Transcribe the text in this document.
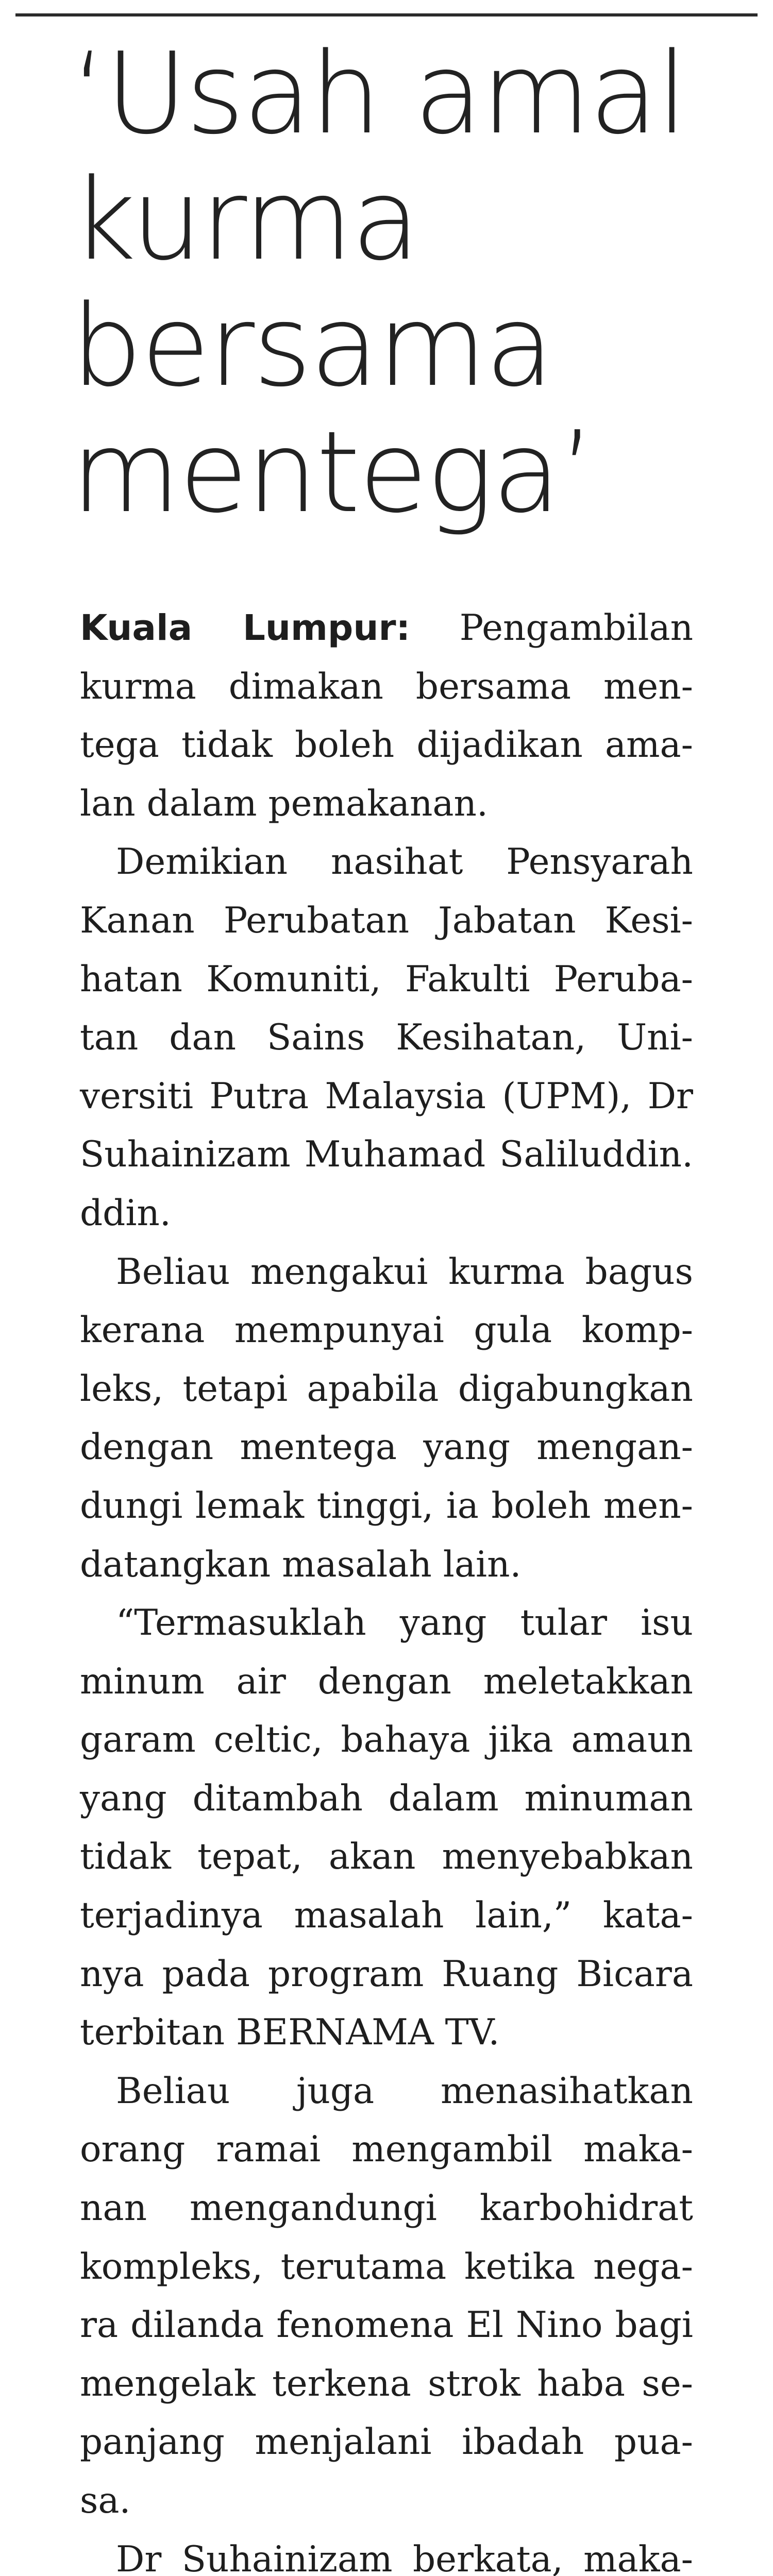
‘Usah amal
kurma
bersama
mentega’
Kuala Lumpur: Pengambilan
kurma dimakan bersama men-
tega tidak boleh dijadikan ama-
lan dalam pemakanan.
Demikian nasihat Pensyarah
Kanan Perubatan Jabatan Kesi-
hatan Komuniti, Fakulti Peruba-
tan dan Sains Kesihatan, Uni-
versiti Putra Malaysia (UPM), Dr
Suhainizam Muhamad Saliluddin.
ddin.
Beliau mengakui kurma bagus
kerana mempunyai gula komp-
leks, tetapi apabila digabungkan
dengan mentega yang mengan-
dungi lemak tinggi, ia boleh men-
datangkan masalah lain.
“Termasuklah yang tular isu
minum air dengan meletakkan
garam celtic, bahaya jika amaun
yang ditambah dalam minuman
tidak tepat, akan menyebabkan
terjadinya masalah lain,” kata-
nya pada program Ruang Bicara
terbitan BERNAMA TV.
Beliau juga menasihatkan
orang ramai mengambil maka-
nan mengandungi karbohidrat
kompleks, terutama ketika nega-
ra dilanda fenomena El Nino bagi
mengelak terkena strok haba se-
panjang menjalani ibadah pua-
sa.
Dr Suhainizam berkata, maka-
